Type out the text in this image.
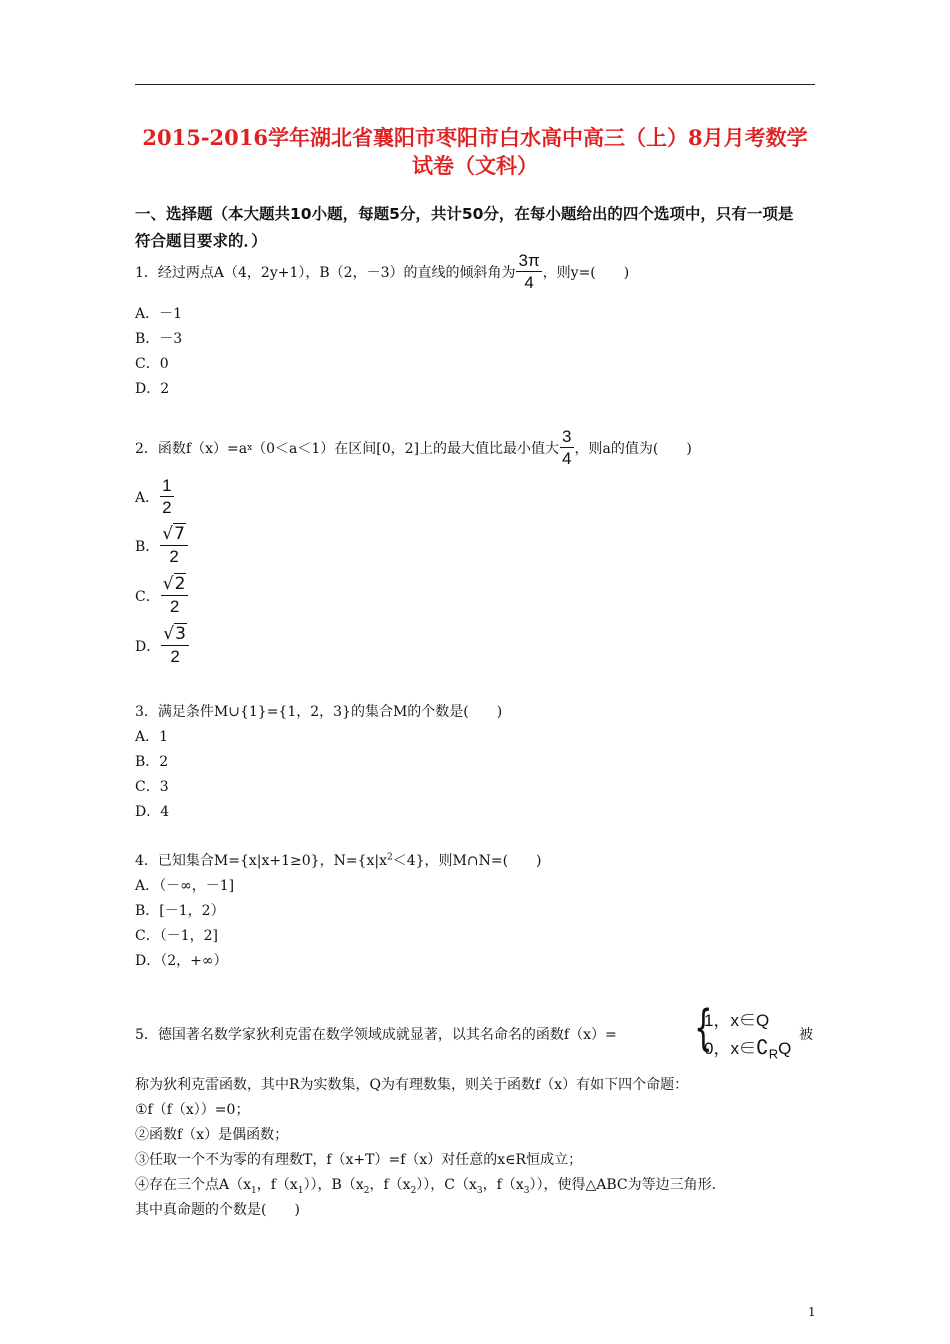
2015-2016学年湖北省襄阳市枣阳市白水高中高三（上）8月月考数学
试卷（文科）
一、选择题（本大题共10小题，每题5分，共计50分，在每小题给出的四个选项中，只有一项是
符合题目要求的．）
1．经过两点A（4，2y+1），B（2，－3）的直线的倾斜角为 $\frac{3\pi}{4}$ ，则y=(　　)
A．－1
B．－3
C．0
D．2
2．函数f（x）=a x （0＜a＜1）在区间[0，2]上的最大值比最小值大 $\frac{3}{4}$ ，则a的值为(　　)
A． $\frac{1}{2}$
B． $\frac{√7}{2}$
C． $\frac{√2}{2}$
D． $\frac{√3}{2}$
3．满足条件M∪{1}={1，2，3}的集合M的个数是(　　)
A．1
B．2
C．3
D．4
4．已知集合M={x|x+1≥0}，$N=\{x|x^2<4\}$，则M∩N=(　　)
A．（－∞，－1]
B．[－1，2）
C．（－1，2]
D．（2，+∞）
5．德国著名数学家狄利克雷在数学领域成就显著，以其名命名的函数f（x）= {
1，x∈Q
0，$x\in∁_RQ$
被
称为狄利克雷函数，其中R为实数集，Q为有理数集，则关于函数f（x）有如下四个命题：
①f（f（x））=0；
②函数f（x）是偶函数；
③任取一个不为零的有理数T，f（x+T）=f（x）对任意的x∈R恒成立；
④存在三个点$A(x_1$，$f(x_1)$），$B(x_2$，$f(x_2)$），$C(x_3$，$f(x_3)$），使得△ABC为等边三角形．
其中真命题的个数是(　　)
1
